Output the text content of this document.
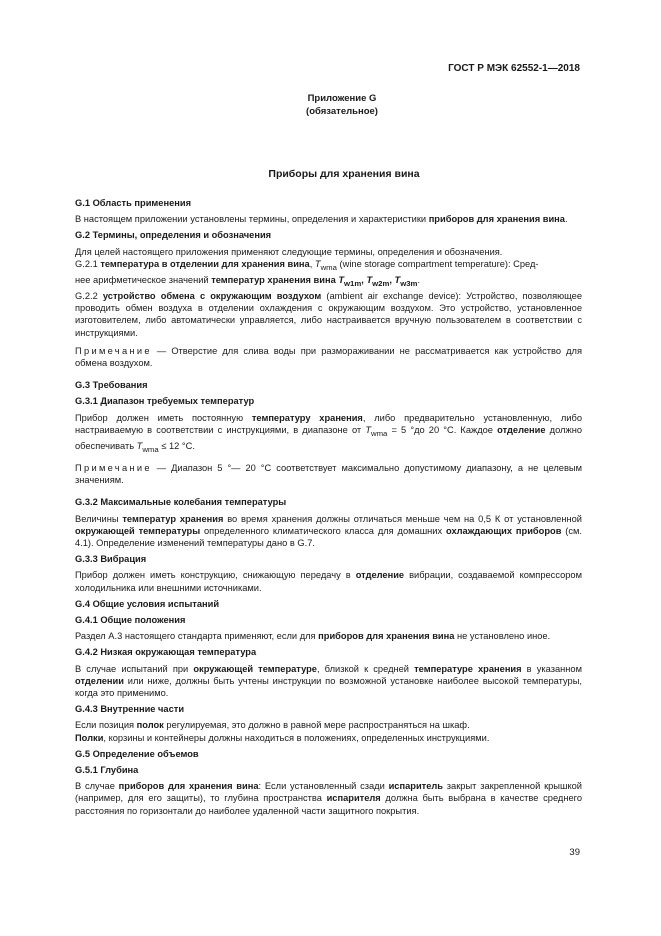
ГОСТ Р МЭК 62552-1—2018
Приложение G
(обязательное)
Приборы для хранения вина

G.1 Область применения

В настоящем приложении установлены термины, определения и характеристики приборов для хранения вина.

G.2 Термины, определения и обозначения

Для целей настоящего приложения применяют следующие термины, определения и обозначения.

G.2.1 температура в отделении для хранения вина, $T_{wma}$ (wine storage compartment temperature): Сред-
нее арифметическое значений температур хранения вина $T_{w1m}$, $T_{w2m}$, $T_{w3m}$.

G.2.2 устройство обмена с окружающим воздухом (ambient air exchange device): Устройство, позволяющее проводить обмен воздуха в отделении охлаждения с окружающим воздухом. Это устройство, установленное изготовителем, либо автоматически управляется, либо настраивается вручную пользователем в соответствии с инструкциями.

Примечание — Отверстие для слива воды при размораживании не рассматривается как устройство для обмена воздухом.

G.3 Требования

G.3.1 Диапазон требуемых температур

Прибор должен иметь постоянную температуру хранения, либо предварительно установленную, либо настраиваемую в соответствии с инструкциями, в диапазоне от $T_{wma} = 5$ °до 20 °C. Каждое отделение должно обеспечивать $T_{wma} \le 12$ °C.

Примечание — Диапазон 5 °— 20 °C соответствует максимально допустимому диапазону, а не целевым значениям.

G.3.2 Максимальные колебания температуры

Величины температур хранения во время хранения должны отличаться меньше чем на 0,5 К от установленной окружающей температуры определенного климатического класса для домашних охлаждающих приборов (см. 4.1). Определение изменений температуры дано в G.7.

G.3.3 Вибрация

Прибор должен иметь конструкцию, снижающую передачу в отделение вибрации, создаваемой компрессором холодильника или внешними источниками.

G.4 Общие условия испытаний

G.4.1 Общие положения

Раздел А.3 настоящего стандарта применяют, если для приборов для хранения вина не установлено иное.

G.4.2 Низкая окружающая температура

В случае испытаний при окружающей температуре, близкой к средней температуре хранения в указанном отделении или ниже, должны быть учтены инструкции по возможной установке наиболее высокой температуры, когда это применимо.

G.4.3 Внутренние части

Если позиция полок регулируемая, это должно в равной мере распространяться на шкаф.

Полки, корзины и контейнеры должны находиться в положениях, определенных инструкциями.

G.5 Определение объемов

G.5.1 Глубина

В случае приборов для хранения вина: Если установленный сзади испаритель закрыт закрепленной крышкой (например, для его защиты), то глубина пространства испарителя должна быть выбрана в качестве среднего расстояния по горизонтали до наиболее удаленной части защитного покрытия.

39
